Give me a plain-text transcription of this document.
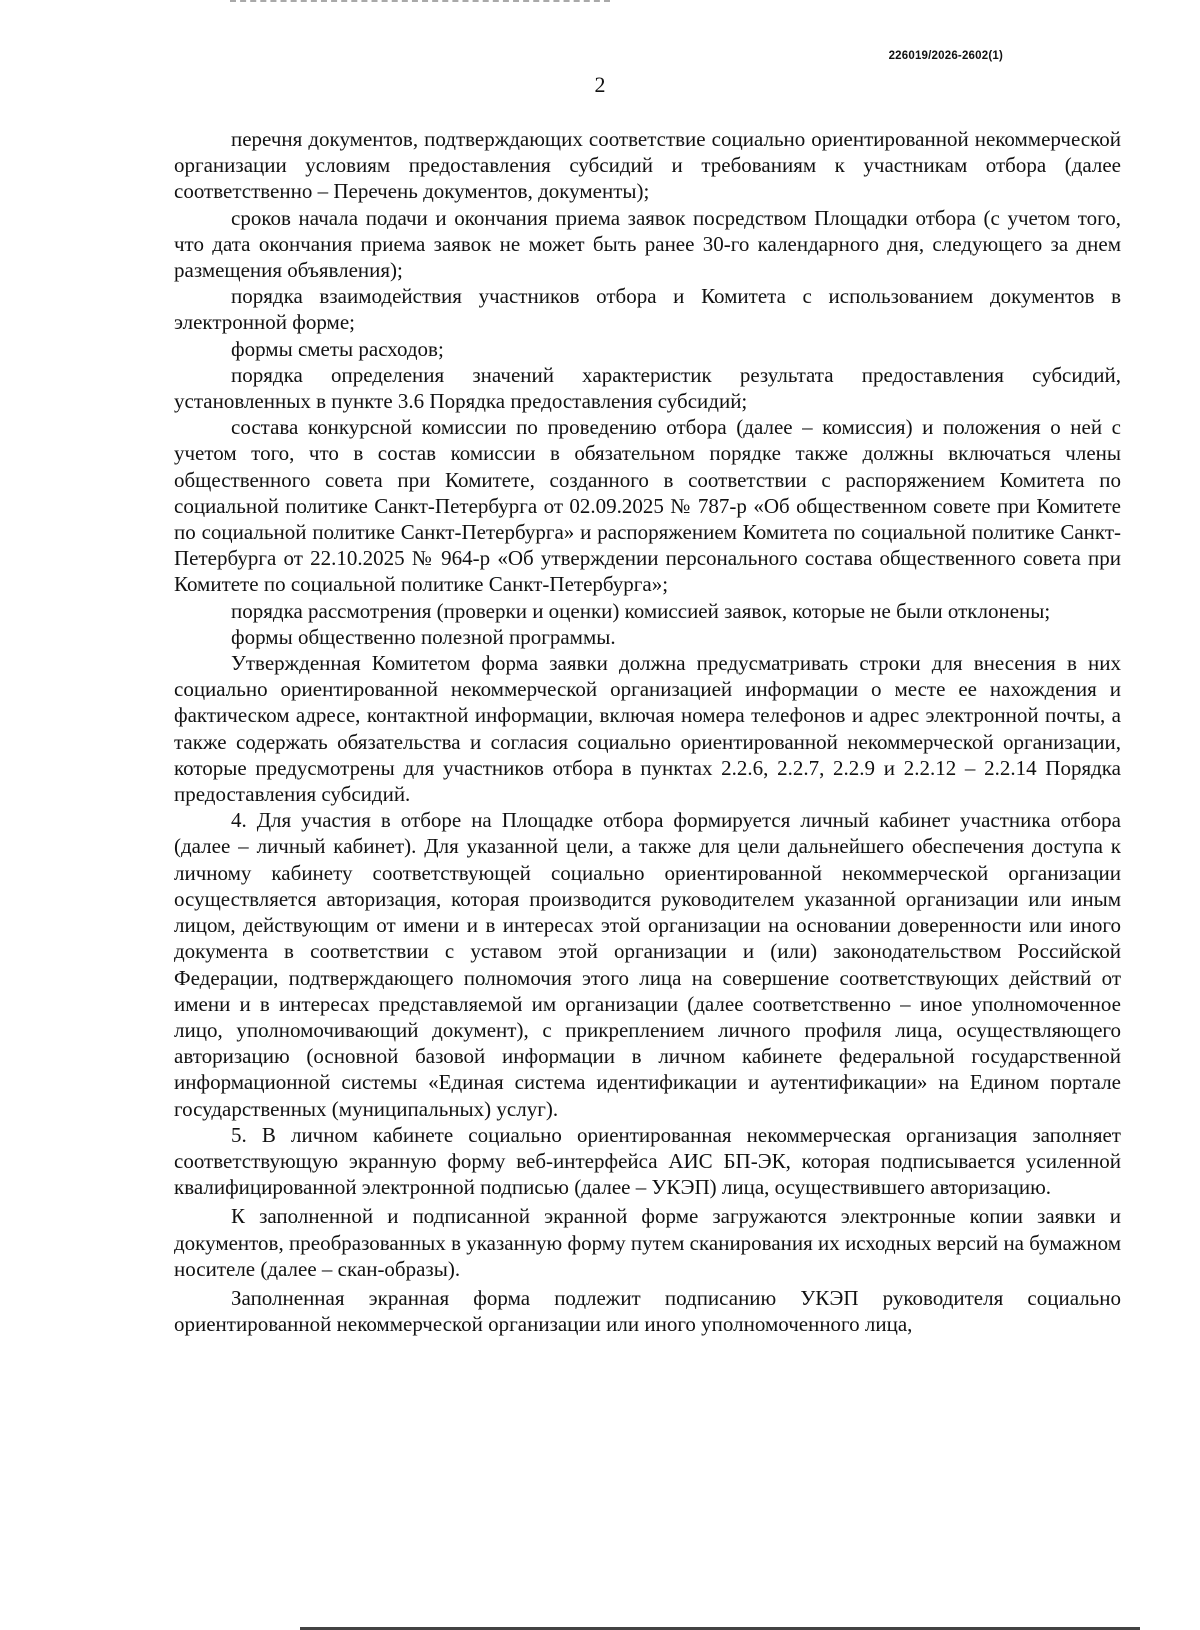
226019/2026-2602(1)
2

перечня документов, подтверждающих соответствие социально ориентированной некоммерческой организации условиям предоставления субсидий и требованиям к участникам отбора (далее соответственно – Перечень документов, документы);

сроков начала подачи и окончания приема заявок посредством Площадки отбора (с учетом того, что дата окончания приема заявок не может быть ранее 30-го календарного дня, следующего за днем размещения объявления);

порядка взаимодействия участников отбора и Комитета с использованием документов в электронной форме;

формы сметы расходов;

порядка определения значений характеристик результата предоставления субсидий, установленных в пункте 3.6 Порядка предоставления субсидий;

состава конкурсной комиссии по проведению отбора (далее – комиссия) и положения о ней с учетом того, что в состав комиссии в обязательном порядке также должны включаться члены общественного совета при Комитете, созданного в соответствии с распоряжением Комитета по социальной политике Санкт-Петербурга от 02.09.2025 № 787-р «Об общественном совете при Комитете по социальной политике Санкт-Петербурга» и распоряжением Комитета по социальной политике Санкт-Петербурга от 22.10.2025 № 964-р «Об утверждении персонального состава общественного совета при Комитете по социальной политике Санкт-Петербурга»;

порядка рассмотрения (проверки и оценки) комиссией заявок, которые не были отклонены;

формы общественно полезной программы.

Утвержденная Комитетом форма заявки должна предусматривать строки для внесения в них социально ориентированной некоммерческой организацией информации о месте ее нахождения и фактическом адресе, контактной информации, включая номера телефонов и адрес электронной почты, а также содержать обязательства и согласия социально ориентированной некоммерческой организации, которые предусмотрены для участников отбора в пунктах 2.2.6, 2.2.7, 2.2.9 и 2.2.12 – 2.2.14 Порядка предоставления субсидий.

4. Для участия в отборе на Площадке отбора формируется личный кабинет участника отбора (далее – личный кабинет). Для указанной цели, а также для цели дальнейшего обеспечения доступа к личному кабинету соответствующей социально ориентированной некоммерческой организации осуществляется авторизация, которая производится руководителем указанной организации или иным лицом, действующим от имени и в интересах этой организации на основании доверенности или иного документа в соответствии с уставом этой организации и (или) законодательством Российской Федерации, подтверждающего полномочия этого лица на совершение соответствующих действий от имени и в интересах представляемой им организации (далее соответственно – иное уполномоченное лицо, уполномочивающий документ), с прикреплением личного профиля лица, осуществляющего авторизацию (основной базовой информации в личном кабинете федеральной государственной информационной системы «Единая система идентификации и аутентификации» на Едином портале государственных (муниципальных) услуг).

5. В личном кабинете социально ориентированная некоммерческая организация заполняет соответствующую экранную форму веб-интерфейса АИС БП-ЭК, которая подписывается усиленной квалифицированной электронной подписью (далее – УКЭП) лица, осуществившего авторизацию.

К заполненной и подписанной экранной форме загружаются электронные копии заявки и документов, преобразованных в указанную форму путем сканирования их исходных версий на бумажном носителе (далее – скан-образы).

Заполненная экранная форма подлежит подписанию УКЭП руководителя социально ориентированной некоммерческой организации или иного уполномоченного лица,
